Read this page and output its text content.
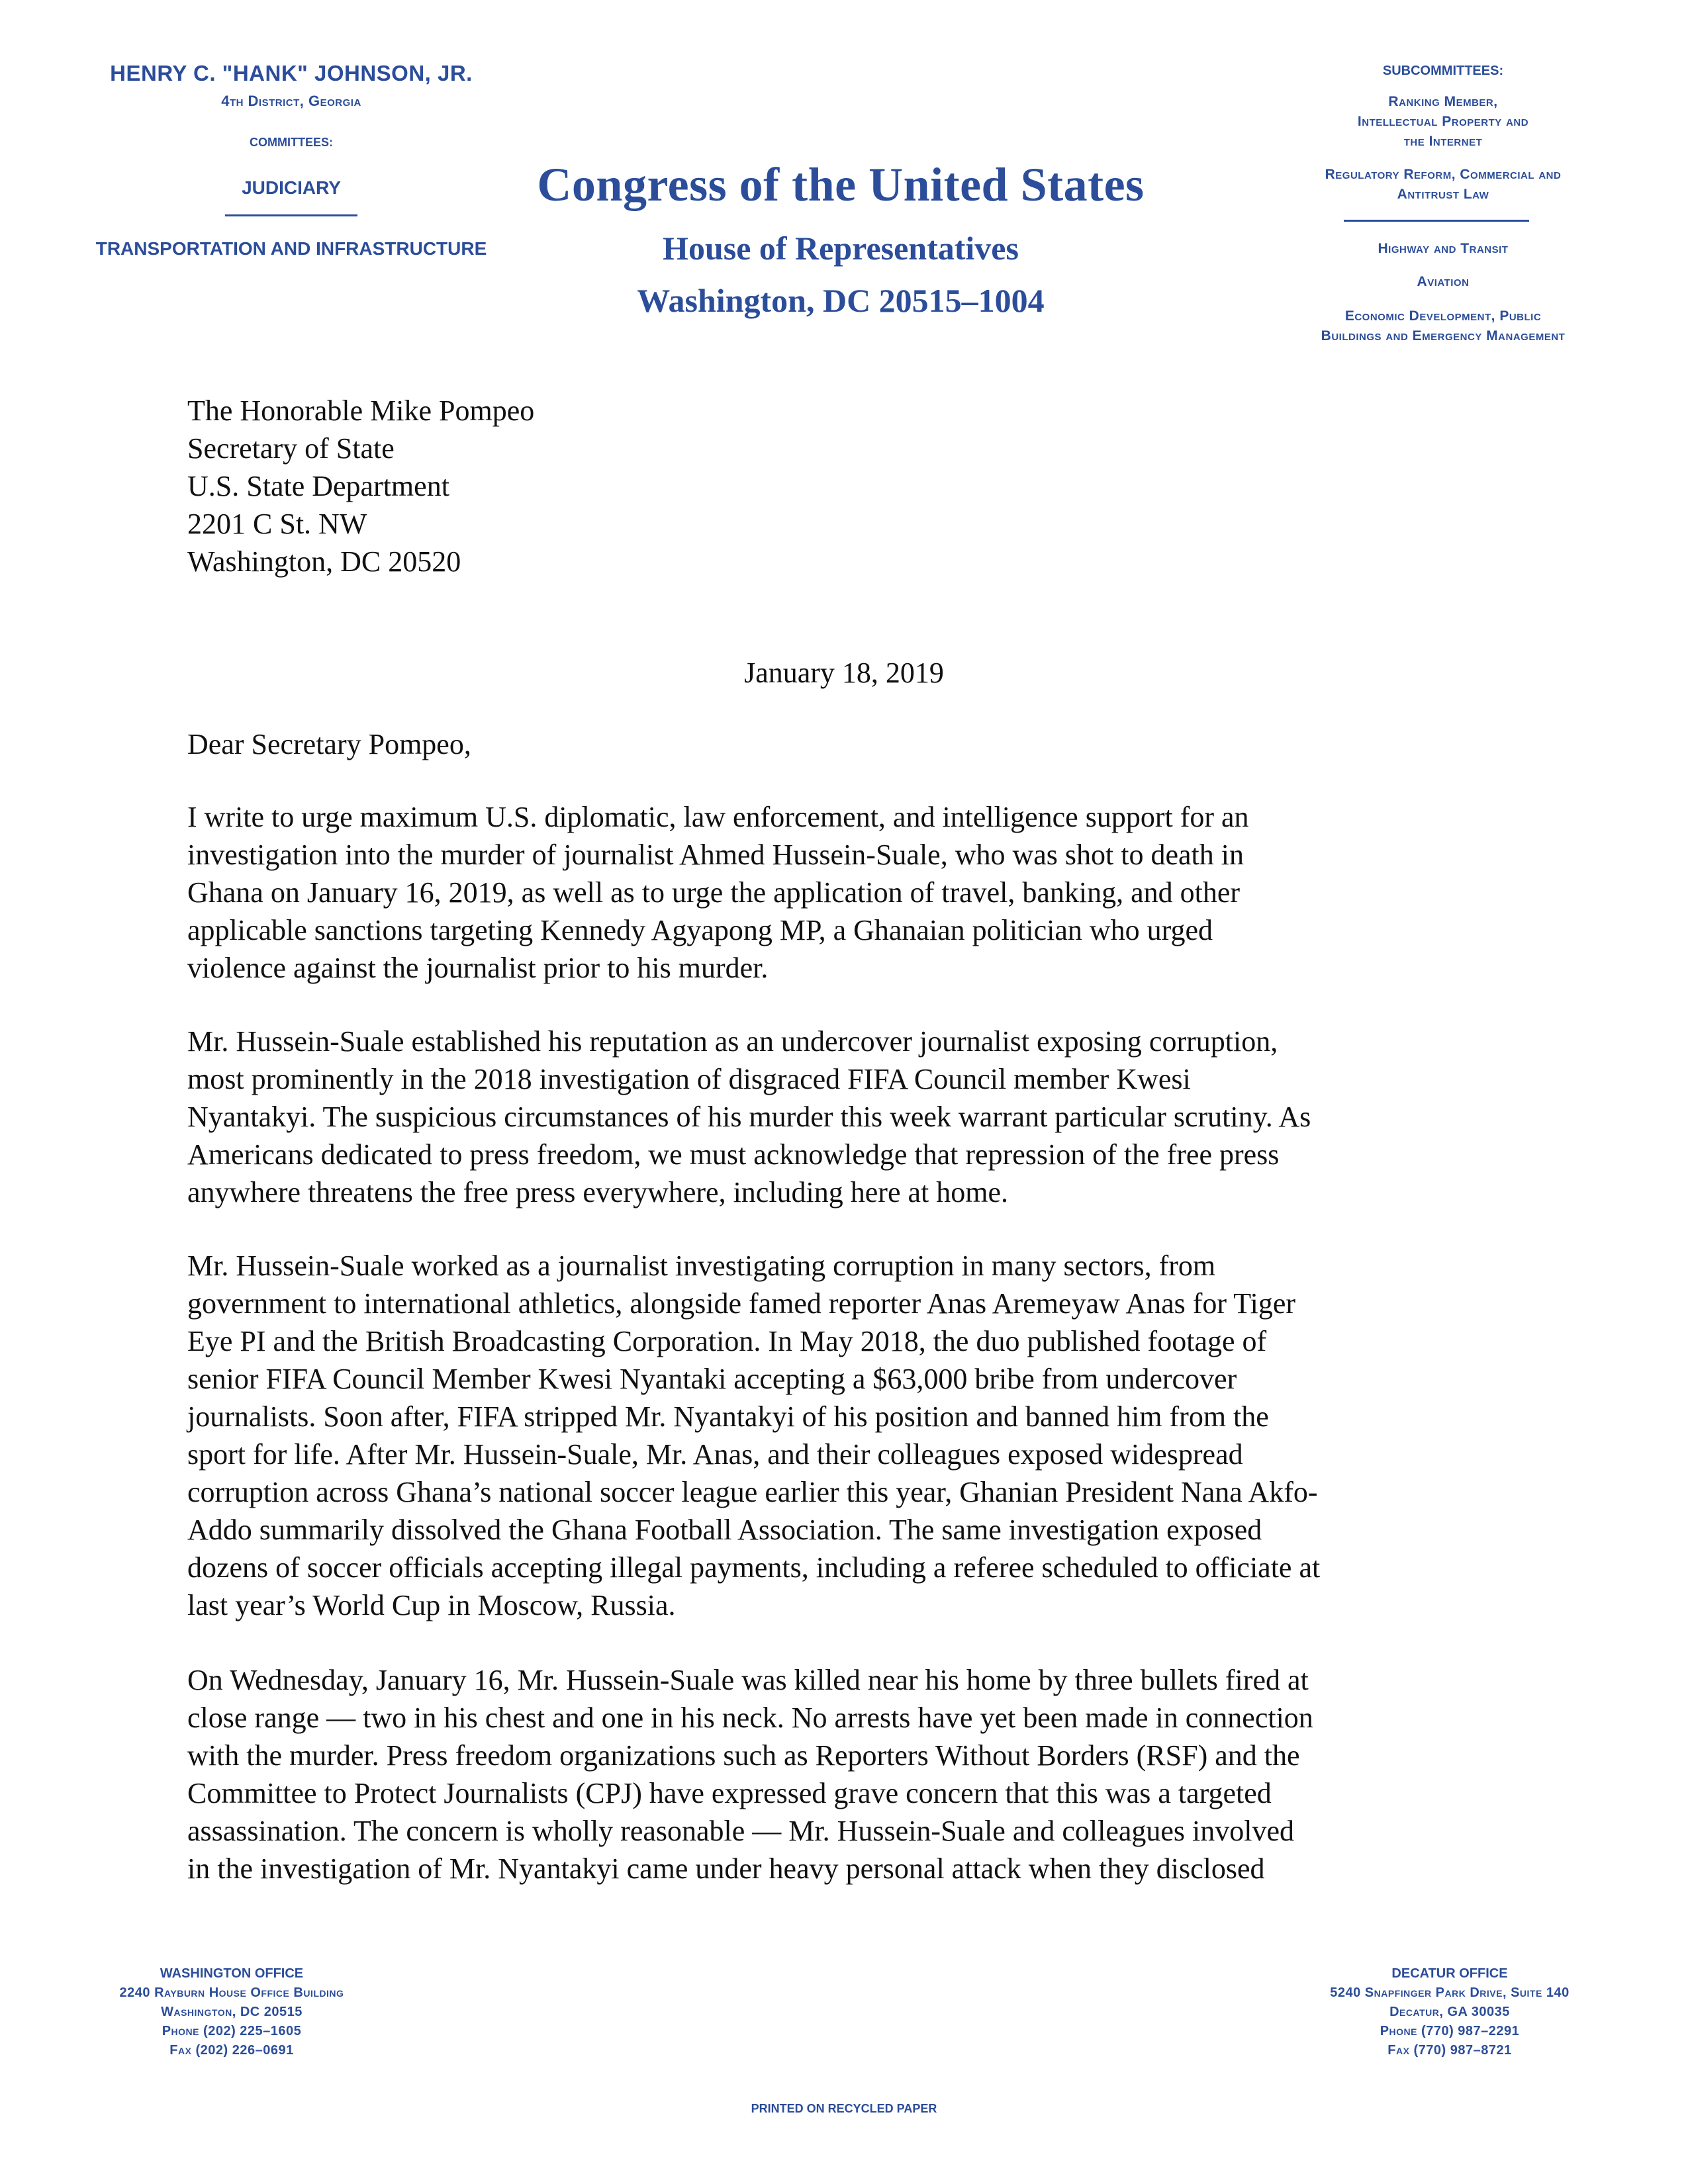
HENRY C. "HANK" JOHNSON, JR.
4th District, Georgia
COMMITTEES:
JUDICIARY
TRANSPORTATION AND INFRASTRUCTURE
Congress of the United States
House of Representatives
Washington, DC 20515–1004
SUBCOMMITTEES:
Ranking Member,
Intellectual Property and
the Internet
Regulatory Reform, Commercial and
Antitrust Law
Highway and Transit
Aviation
Economic Development, Public
Buildings and Emergency Management
The Honorable Mike Pompeo
Secretary of State
U.S. State Department
2201 C St. NW
Washington, DC 20520
January 18, 2019
Dear Secretary Pompeo,
I write to urge maximum U.S. diplomatic, law enforcement, and intelligence support for an
investigation into the murder of journalist Ahmed Hussein-Suale, who was shot to death in
Ghana on January 16, 2019, as well as to urge the application of travel, banking, and other
applicable sanctions targeting Kennedy Agyapong MP, a Ghanaian politician who urged
violence against the journalist prior to his murder.
Mr. Hussein-Suale established his reputation as an undercover journalist exposing corruption,
most prominently in the 2018 investigation of disgraced FIFA Council member Kwesi
Nyantakyi. The suspicious circumstances of his murder this week warrant particular scrutiny. As
Americans dedicated to press freedom, we must acknowledge that repression of the free press
anywhere threatens the free press everywhere, including here at home.
Mr. Hussein-Suale worked as a journalist investigating corruption in many sectors, from
government to international athletics, alongside famed reporter Anas Aremeyaw Anas for Tiger
Eye PI and the British Broadcasting Corporation. In May 2018, the duo published footage of
senior FIFA Council Member Kwesi Nyantaki accepting a $63,000 bribe from undercover
journalists. Soon after, FIFA stripped Mr. Nyantakyi of his position and banned him from the
sport for life. After Mr. Hussein-Suale, Mr. Anas, and their colleagues exposed widespread
corruption across Ghana’s national soccer league earlier this year, Ghanian President Nana Akfo-
Addo summarily dissolved the Ghana Football Association. The same investigation exposed
dozens of soccer officials accepting illegal payments, including a referee scheduled to officiate at
last year’s World Cup in Moscow, Russia.
On Wednesday, January 16, Mr. Hussein-Suale was killed near his home by three bullets fired at
close range — two in his chest and one in his neck. No arrests have yet been made in connection
with the murder. Press freedom organizations such as Reporters Without Borders (RSF) and the
Committee to Protect Journalists (CPJ) have expressed grave concern that this was a targeted
assassination. The concern is wholly reasonable — Mr. Hussein-Suale and colleagues involved
in the investigation of Mr. Nyantakyi came under heavy personal attack when they disclosed
WASHINGTON OFFICE
2240 Rayburn House Office Building
Washington, DC 20515
Phone (202) 225–1605
Fax (202) 226–0691
DECATUR OFFICE
5240 Snapfinger Park Drive, Suite 140
Decatur, GA 30035
Phone (770) 987–2291
Fax (770) 987–8721
PRINTED ON RECYCLED PAPER
